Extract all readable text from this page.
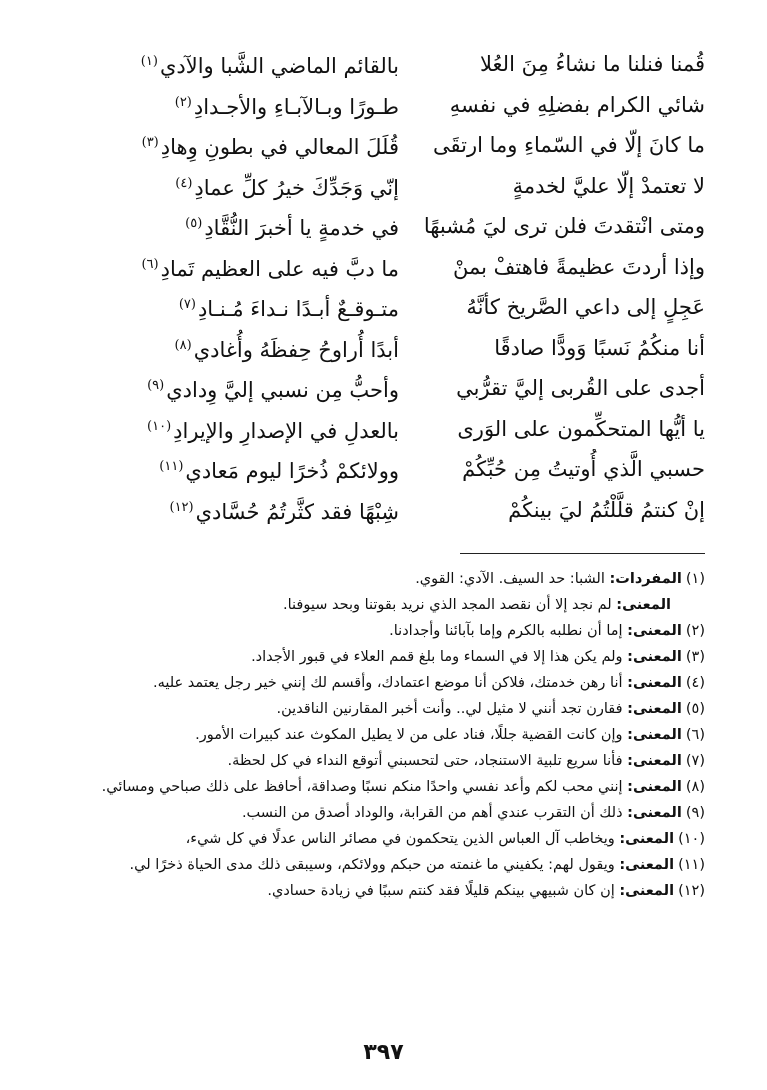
قُمنا فنلنا ما نشاءُ مِنَ العُلا
بالقائم الماضي الشَّبا والآدي$^{(١)}$
شائي الكرام بفضلِهِ في نفسهِ
طـورًا وبـالآبـاءِ والأجـدادِ$^{(٢)}$
ما كانَ إلّا في السّماءِ وما ارتقَى
قُلَلَ المعالي في بطونِ وِهادِ$^{(٣)}$
لا تعتمدْ إلّا عليَّ لخدمةٍ
إنّي وَجَدِّكَ خيرُ كلِّ عمادِ$^{(٤)}$
ومتى انْتقدتَ فلن ترى ليَ مُشبهًا
في خدمةٍ يا أخبرَ النُّقَّادِ$^{(٥)}$
وإذا أردتَ عظيمةً فاهتفْ بمنْ
ما دبَّ فيه على العظيم تَمادِ$^{(٦)}$
عَجِلٍ إلى داعي الصَّريخ كأنَّهُ
متـوقـعٌ أبـدًا نـداءَ مُـنـادِ$^{(٧)}$
أنا منكُمُ نَسبًا وَودًّا صادقًا
أبدًا أُراوحُ حِفظَهُ وأُغادي$^{(٨)}$
أجدى على القُربى إليَّ تقرُّبي
وأحبُّ مِن نسبي إليَّ وِدادي$^{(٩)}$
يا أيُّها المتحكِّمون على الوَرى
بالعدلِ في الإصدارِ والإيرادِ$^{(١٠)}$
حسبي الَّذي أُوتيتُ مِن حُبِّكُمْ
وولائكمْ ذُخرًا ليوم مَعادي$^{(١١)}$
إنْ كنتمُ قلَّلْتُمُ ليَ بينكُمْ
شِبْهًا فقد كثَّرتُمُ حُسَّادي$^{(١٢)}$

(١)المفردات: الشبا: حد السيف. الآدي: القوي.

المعنى: لم نجد إلا أن نقصد المجد الذي نريد بقوتنا وبحد سيوفنا.

(٢)المعنى: إما أن نطلبه بالكرم وإما بآبائنا وأجدادنا.

(٣)المعنى: ولم يكن هذا إلا في السماء وما بلغ قمم العلاء في قبور الأجداد.

(٤)المعنى: أنا رهن خدمتك، فلاكن أنا موضع اعتمادك، وأقسم لك إنني خير رجل يعتمد عليه.

(٥)المعنى: فقارن تجد أنني لا مثيل لي.. وأنت أخبر المقارنين الناقدين.

(٦)المعنى: وإن كانت القضية جللًا، فناد على من لا يطيل المكوث عند كبيرات الأمور.

(٧)المعنى: فأنا سريع تلبية الاستنجاد، حتى لتحسبني أتوقع النداء في كل لحظة.

(٨)المعنى: إنني محب لكم وأعد نفسي واحدًا منكم نسبًا وصداقة، أحافظ على ذلك صباحي ومسائي.

(٩)المعنى: ذلك أن التقرب عندي أهم من القرابة، والوداد أصدق من النسب.

(١٠)المعنى: ويخاطب آل العباس الذين يتحكمون في مصائر الناس عدلًا في كل شيء،

(١١)المعنى: ويقول لهم: يكفيني ما غنمته من حبكم وولائكم، وسيبقى ذلك مدى الحياة ذخرًا لي.

(١٢)المعنى: إن كان شبيهي بينكم قليلًا فقد كنتم سببًا في زيادة حسادي.

٣٩٧
